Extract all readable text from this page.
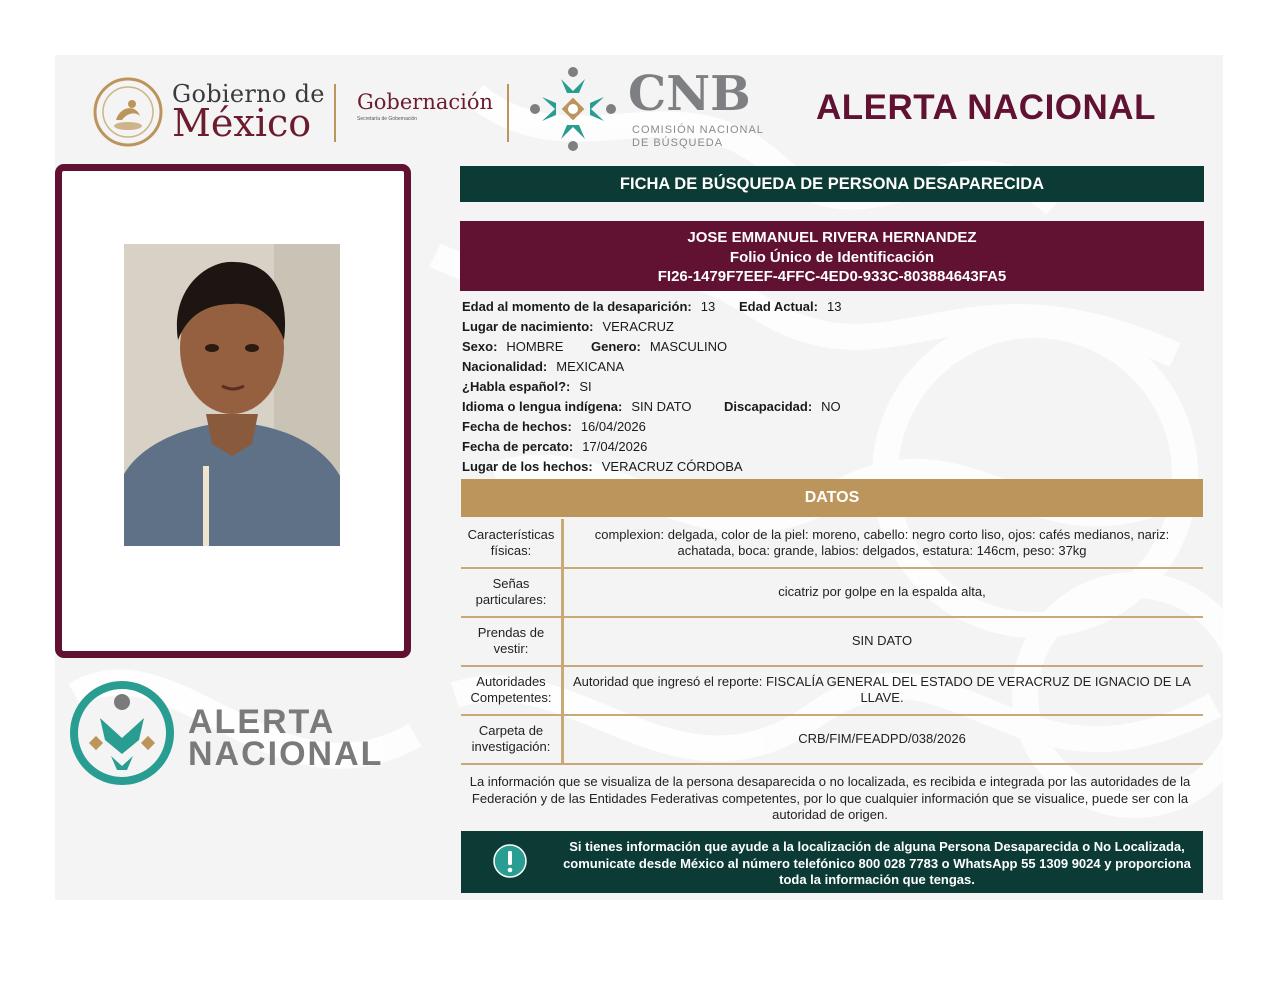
Gobierno de
México Gobernación
Secretaría de Gobernación	CNB
COMISIÓN NACIONAL
DE BÚSQUEDA
ALERTA NACIONAL
ALERTA
NACIONAL
FICHA DE BÚSQUEDA DE PERSONA DESAPARECIDA
JOSE EMMANUEL RIVERA HERNANDEZ
Folio Único de Identificación
FI26-1479F7EEF-4FFC-4ED0-933C-803884643FA5
Edad al momento de la desaparición: 13 Edad Actual: 13
Lugar de nacimiento: VERACRUZ
Sexo: HOMBRE Genero: MASCULINO
Nacionalidad: MEXICANA
¿Habla español?: SI
Idioma o lengua indígena: SIN DATO Discapacidad: NO
Fecha de hechos: 16/04/2026
Fecha de percato: 17/04/2026
Lugar de los hechos: VERACRUZ CÓRDOBA
DATOS
Características físicas:
complexion: delgada, color de la piel: moreno, cabello: negro corto liso, ojos: cafés medianos, nariz: achatada, boca: grande, labios: delgados, estatura: 146cm, peso: 37kg
Señas particulares:
cicatriz por golpe en la espalda alta,
Prendas de vestir:
SIN DATO
Autoridades Competentes:
Autoridad que ingresó el reporte: FISCALÍA GENERAL DEL ESTADO DE VERACRUZ DE IGNACIO DE LA LLAVE.
Carpeta de investigación:
CRB/FIM/FEADPD/038/2026
La información que se visualiza de la persona desaparecida o no localizada, es recibida e integrada por las autoridades de la Federación y de las Entidades Federativas competentes, por lo que cualquier información que se visualice, puede ser con la autoridad de origen.
Si tienes información que ayude a la localización de alguna Persona Desaparecida o No Localizada, comunicate desde México al número telefónico 800 028 7783 o WhatsApp 55 1309 9024 y proporciona toda la información que tengas.
